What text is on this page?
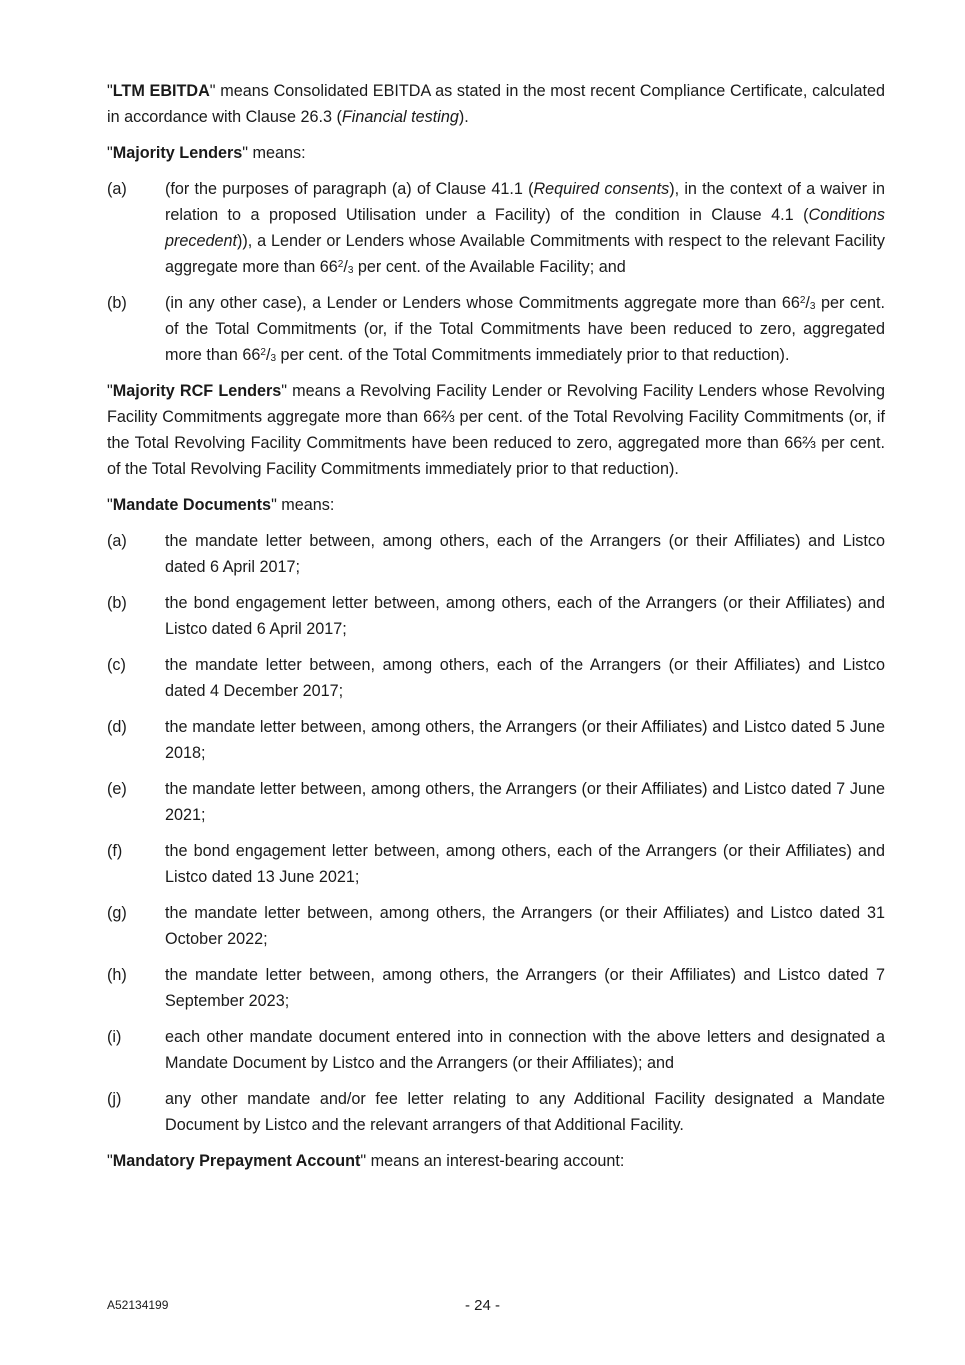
"LTM EBITDA" means Consolidated EBITDA as stated in the most recent Compliance Certificate, calculated in accordance with Clause 26.3 (Financial testing).

"Majority Lenders" means:

(a)	(for the purposes of paragraph (a) of Clause 41.1 (Required consents), in the context of a waiver in relation to a proposed Utilisation under a Facility) of the condition in Clause 4.1 (Conditions precedent)), a Lender or Lenders whose Available Commitments with respect to the relevant Facility aggregate more than $66^2/_3$ per cent. of the Available Facility; and
(b)	(in any other case), a Lender or Lenders whose Commitments aggregate more than $66^2/_3$ per cent. of the Total Commitments (or, if the Total Commitments have been reduced to zero, aggregated more than $66^2/_3$ per cent. of the Total Commitments immediately prior to that reduction).

"Majority RCF Lenders" means a Revolving Facility Lender or Revolving Facility Lenders whose Revolving Facility Commitments aggregate more than 66⅔ per cent. of the Total Revolving Facility Commitments (or, if the Total Revolving Facility Commitments have been reduced to zero, aggregated more than 66⅔ per cent. of the Total Revolving Facility Commitments immediately prior to that reduction).

"Mandate Documents" means:

(a)	the mandate letter between, among others, each of the Arrangers (or their Affiliates) and Listco dated 6 April 2017;
(b)	the bond engagement letter between, among others, each of the Arrangers (or their Affiliates) and Listco dated 6 April 2017;
(c)	the mandate letter between, among others, each of the Arrangers (or their Affiliates) and Listco dated 4 December 2017;
(d)	the mandate letter between, among others, the Arrangers (or their Affiliates) and Listco dated 5 June 2018;
(e)	the mandate letter between, among others, the Arrangers (or their Affiliates) and Listco dated 7 June 2021;
(f)	the bond engagement letter between, among others, each of the Arrangers (or their Affiliates) and Listco dated 13 June 2021;
(g)	the mandate letter between, among others, the Arrangers (or their Affiliates) and Listco dated 31 October 2022;
(h)	the mandate letter between, among others, the Arrangers (or their Affiliates) and Listco dated 7 September 2023;
(i)	each other mandate document entered into in connection with the above letters and designated a Mandate Document by Listco and the Arrangers (or their Affiliates); and
(j)	any other mandate and/or fee letter relating to any Additional Facility designated a Mandate Document by Listco and the relevant arrangers of that Additional Facility.

"Mandatory Prepayment Account" means an interest-bearing account:

A52134199	- 24 -
